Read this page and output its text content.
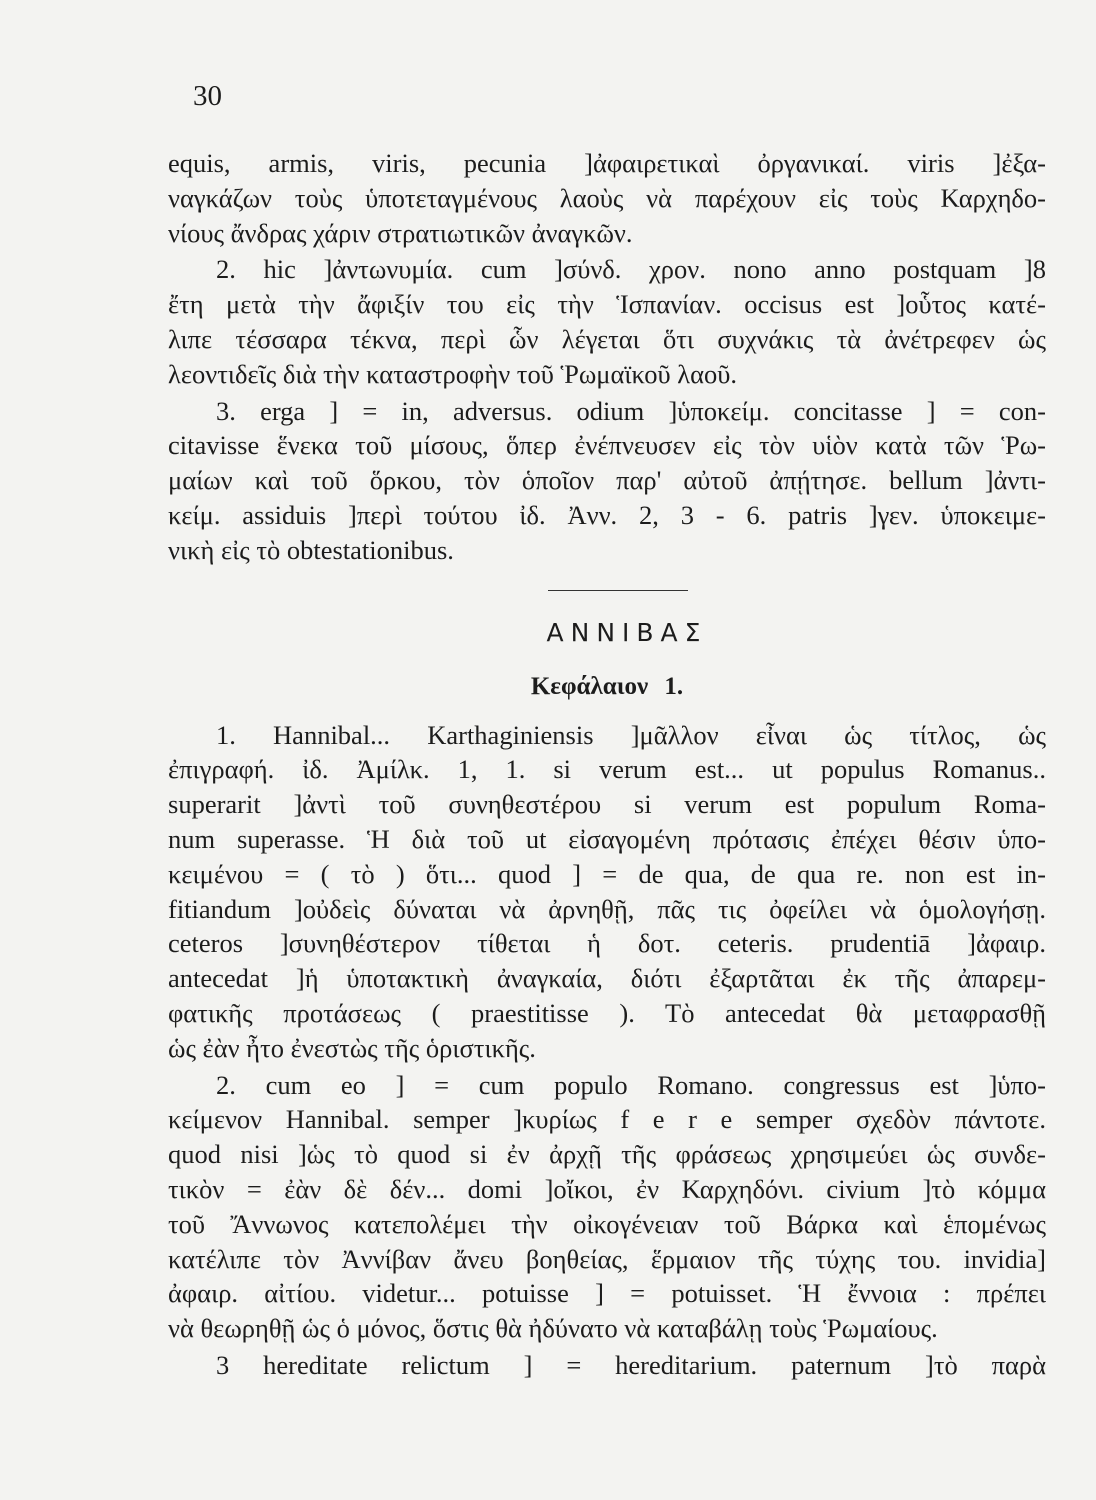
30
equis, armis, viris, pecunia ]ἀφαιρετικαὶ ὀργανικαί. viris ]ἐξα-
ναγκάζων τοὺς ὑποτεταγμένους λαοὺς νὰ παρέχουν εἰς τοὺς Καρχηδο-
νίους ἄνδρας χάριν στρατιωτικῶν ἀναγκῶν.
2. hic ]ἀντωνυμία. cum ]σύνδ. χρον. nono anno postquam ]8
ἔτη μετὰ τὴν ἄφιξίν του εἰς τὴν Ἱσπανίαν. occisus est ]οὗτος κατέ-
λιπε τέσσαρα τέκνα, περὶ ὧν λέγεται ὅτι συχνάκις τὰ ἀνέτρεφεν ὡς
λεοντιδεῖς διὰ τὴν καταστροφὴν τοῦ Ῥωμαϊκοῦ λαοῦ.
3. erga ] = in, adversus. odium ]ὑποκείμ. concitasse ] = con-
citavisse ἕνεκα τοῦ μίσους, ὅπερ ἐνέπνευσεν εἰς τὸν υἱὸν κατὰ τῶν Ῥω-
μαίων καὶ τοῦ ὅρκου, τὸν ὁποῖον παρ' αὐτοῦ ἀπῄτησε. bellum ]ἀντι-
κείμ. assiduis ]περὶ τούτου ἰδ. Ἀνν. 2, 3 - 6. patris ]γεν. ὑποκειμε-
νικὴ εἰς τὸ obtestationibus.
ΑΝΝΙΒΑΣ
Κεφάλαιον 1.
1. Hannibal... Karthaginiensis ]μᾶλλον εἶναι ὡς τίτλος, ὡς
ἐπιγραφή. ἰδ. Ἀμίλκ. 1, 1. si verum est... ut populus Romanus..
superarit ]ἀντὶ τοῦ συνηθεστέρου si verum est populum Roma-
num superasse. Ἡ διὰ τοῦ ut εἰσαγομένη πρότασις ἐπέχει θέσιν ὑπο-
κειμένου = ( τὸ ) ὅτι... quod ] = de qua, de qua re. non est in-
fitiandum ]οὐδεὶς δύναται νὰ ἀρνηθῇ, πᾶς τις ὀφείλει νὰ ὁμολογήσῃ.
ceteros ]συνηθέστερον τίθεται ἡ δοτ. ceteris. prudentiā ]ἀφαιρ.
antecedat ]ἡ ὑποτακτικὴ ἀναγκαία, διότι ἐξαρτᾶται ἐκ τῆς ἀπαρεμ-
φατικῆς προτάσεως ( praestitisse ). Τὸ antecedat θὰ μεταφρασθῇ
ὡς ἐὰν ἦτο ἐνεστὼς τῆς ὁριστικῆς.
2. cum eo ] = cum populo Romano. congressus est ]ὑπο-
κείμενον Hannibal. semper ]κυρίως f e r e semper σχεδὸν πάντοτε.
quod nisi ]ὡς τὸ quod si ἐν ἀρχῇ τῆς φράσεως χρησιμεύει ὡς συνδε-
τικὸν = ἐὰν δὲ δέν... domi ]οἴκοι, ἐν Καρχηδόνι. civium ]τὸ κόμμα
τοῦ Ἄννωνος κατεπολέμει τὴν οἰκογένειαν τοῦ Βάρκα καὶ ἑπομένως
κατέλιπε τὸν Ἀννίβαν ἄνευ βοηθείας, ἕρμαιον τῆς τύχης του. invidia]
ἀφαιρ. αἰτίου. videtur... potuisse ] = potuisset. Ἡ ἔννοια : πρέπει
νὰ θεωρηθῇ ὡς ὁ μόνος, ὅστις θὰ ἠδύνατο νὰ καταβάλῃ τοὺς Ῥωμαίους.
3 hereditate relictum ] = hereditarium. paternum ]τὸ παρὰ
